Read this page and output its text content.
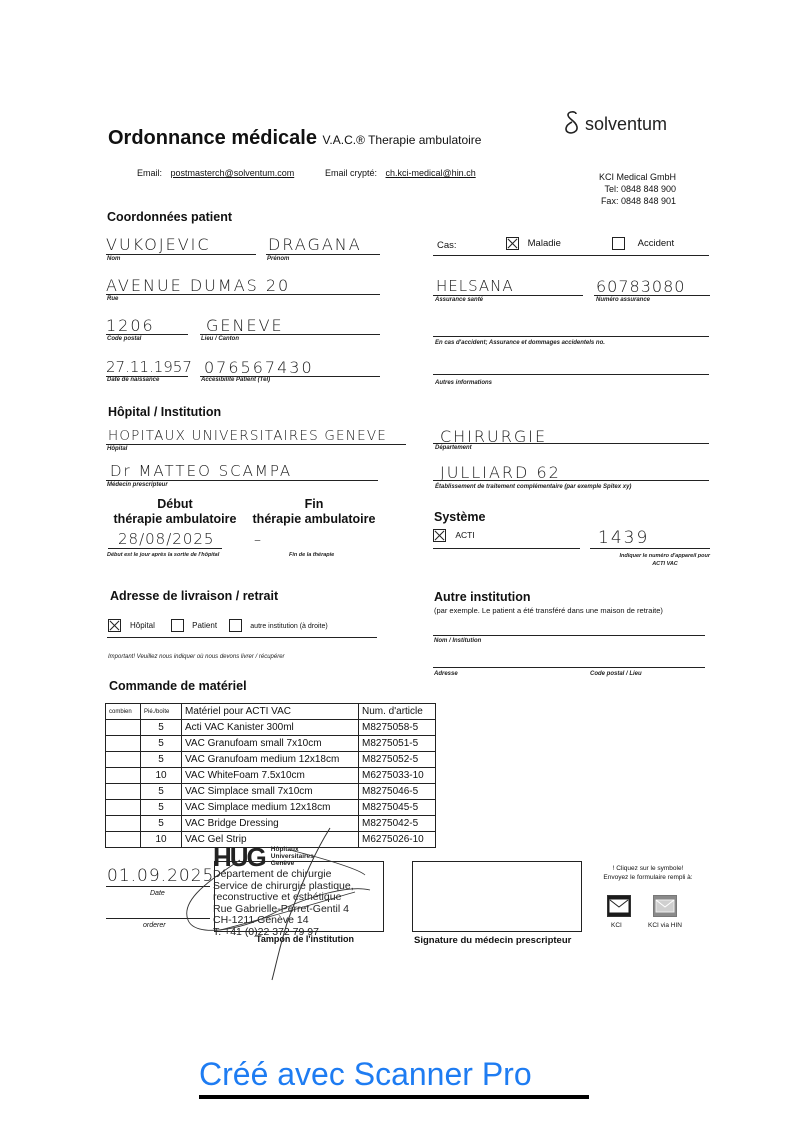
Ordonnance médicale V.A.C.® Therapie ambulatoire
solventum
Email: postmasterch@solventum.com	Email crypté: ch.kci-medical@hin.ch	KCI Medical GmbH
Tel: 0848 848 900
Fax: 0848 848 901
Coordonnées patient
VUKOJEVIC
Nom
DRAGANA
Prénom
AVENUE DUMAS 20
Rue
1206
Code postal
GENEVE
Lieu / Canton
27.11.1957
Date de naissance
076567430
Accesibilite Patient (Tel)
Cas:	Maladie	Accident
HELSANA
Assurance santé
60783080
Numéro assurance
En cas d'accident; Assurance et dommages accidentels no.
Autres informations
Hôpital / Institution
HOPITAUX UNIVERSITAIRES GENEVE
Hôpital
Dr MATTEO SCAMPA
Médecin prescripteur
CHIRURGIE
Département
JULLIARD 62
Établissement de traitement complémentaire (par exemple Spitex xy)
Début
thérapie ambulatoire
Fin
thérapie ambulatoire
28/08/2025
Début est le jour après la sortie de l'hôpital
–
Fin de la thérapie
Système
ACTI	1439
Indiquer le numéro d'appareil pour
ACTI VAC
Adresse de livraison / retrait
Hôpital	Patient	autre institution (à droite)
Important! Veuillez nous indiquer où nous devons livrer / récupérer
Autre institution
(par exemple. Le patient a été transféré dans une maison de retraite)
Nom / Institution
Adresse	Code postal / Lieu
Commande de matériel
combien	Pié./boîte	Matériel pour ACTI VAC	Num. d'article
	5	Acti VAC Kanister 300ml	M8275058-5
	5	VAC Granufoam small 7x10cm	M8275051-5
	5	VAC Granufoam medium 12x18cm	M8275052-5
	10	VAC WhiteFoam 7.5x10cm	M6275033-10
	5	VAC Simplace small 7x10cm	M8275046-5
	5	VAC Simplace medium 12x18cm	M8275045-5
	5	VAC Bridge Dressing	M8275042-5
	10	VAC Gel Strip	M6275026-10
01.09.2025
Date
orderer
Tampon de l'institution
HUG Hôpitaux
Universitaires
Genève
Département de chirurgie
Service de chirurgie plastique,
reconstructive et esthétique
Rue Gabrielle-Perret-Gentil 4
CH-1211 Genève 14
T. +41 (0)22 372 79 97
Signature du médecin prescripteur
! Cliquez sur le symbole!
Envoyez le formulaire rempli à:
KCI	KCI via HIN
Créé avec Scanner Pro
